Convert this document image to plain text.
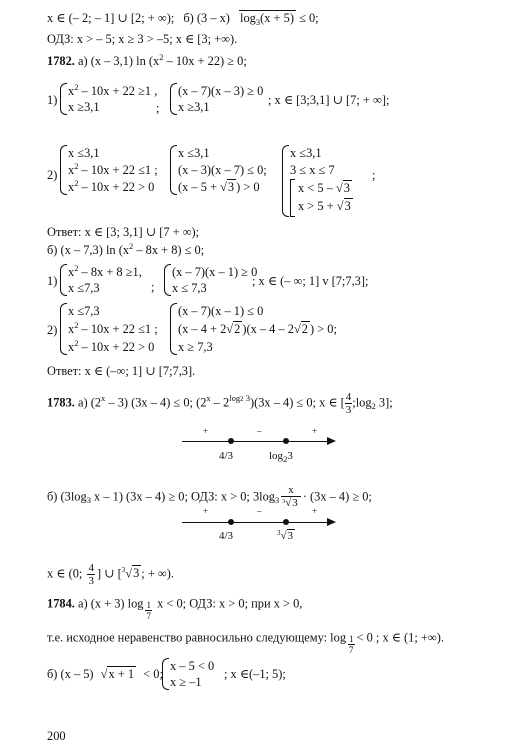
x ∈ (– 2; – 1] ∪ [2; + ∞); б) (3 – x) $\log_3(x + 5) \le 0$;
ОДЗ: x > – 5; x ≥ 3 > –5; x ∈ [3; +∞).
1782. а) (x – 3,1) $\ln (x^2 - 10x + 22) \ge 0$;
1)
$x^2 - 10x + 22 \ge 1$ ,
x ≥3,1	;
(x – 7)(x – 3) ≥ 0
x ≥3,1	; x ∈ [3;3,1] ∪ [7; + ∞];
2)
x ≤3,1
$x^2 - 10x + 22 \le 1$ ;
$x^2 - 10x + 22 > 0$
x ≤3,1
(x – 3)(x – 7) ≤ 0;
(x – 5 + √3 ) > 0
x ≤3,1
3 ≤ x ≤ 7
x < 5 – √3
x > 5 + √3
;
Ответ: x ∈ [3; 3,1] ∪ [7 + ∞);
б) (x – 7,3) $\ln (x^2 - 8x + 8) \le 0$;
1)
$x^2 - 8x + 8 \ge 1$,
x ≤7,3	;
(x – 7)(x – 1) ≥ 0
x ≤ 7,3	; x ∈ (– ∞; 1] v [7;7,3];
2)
x ≤7,3
$x^2 - 10x + 22 \le 1$ ;
$x^2 - 10x + 22 > 0$
(x – 7)(x – 1) ≤ 0
(x – 4 + 2√2 )(x – 4 – 2√2 ) > 0;
x ≥ 7,3
Ответ: x ∈ (–∞; 1] ∪ [7;7,3].
1783. а) (2$^x$ – 3) (3x – 4) ≤ 0; $(2^x - 2^{log2 3})(3x - 4) \le 0$; x ∈ [ $\frac{4}{3}$ $;\log_2$ 3];
+	–	+
4/3	$\log_23$
б) ($3\log_3$ x – 1) (3x – 4) ≥ 0; ОДЗ: x > 0; $3\log_3 \frac{x}{^3√3} \cdot (3x - 4) \ge 0$;
+	–	+
4/3	$^3$√3
x ∈ (0; $\frac{4}{3}$ ] ∪ [$^3$√3 ; + ∞).
1784. а) (x + 3) $\log \frac{1}{7}$ x < 0; ОДЗ: x > 0; при x > 0,
т.е. исходное неравенство равносильно следующему: $\log \frac{1}{7} < 0$ ; x ∈ (1; +∞).
б) (x – 5) √x + 1 < 0;
x – 5 < 0
x ≥ –1
; x ∈(–1; 5);
200
